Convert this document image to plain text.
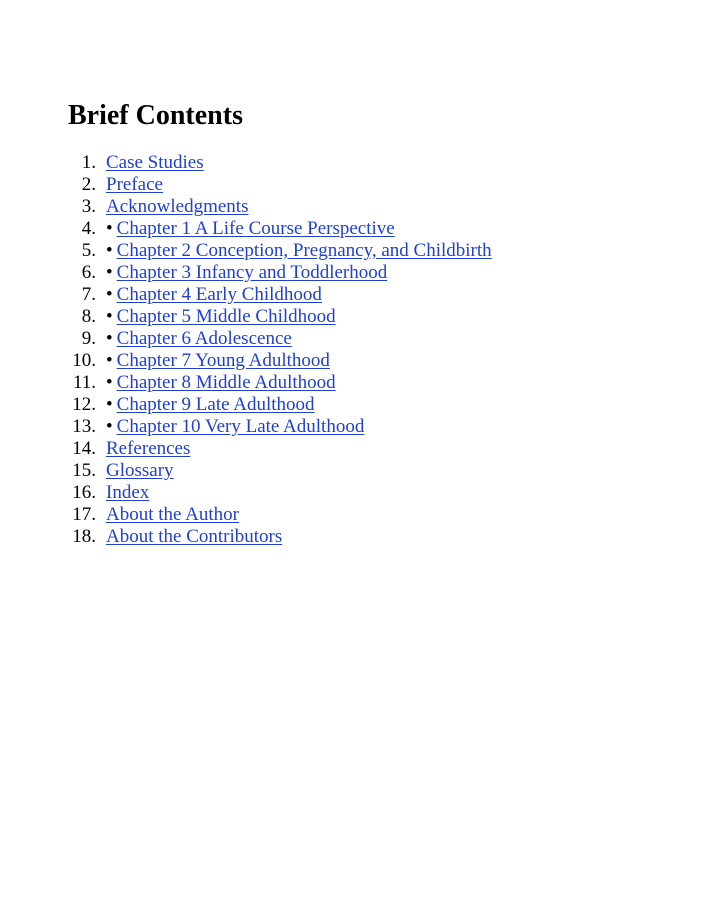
Brief Contents
1. Case Studies
2. Preface
3. Acknowledgments
4. • Chapter 1 A Life Course Perspective
5. • Chapter 2 Conception, Pregnancy, and Childbirth
6. • Chapter 3 Infancy and Toddlerhood
7. • Chapter 4 Early Childhood
8. • Chapter 5 Middle Childhood
9. • Chapter 6 Adolescence
10. • Chapter 7 Young Adulthood
11. • Chapter 8 Middle Adulthood
12. • Chapter 9 Late Adulthood
13. • Chapter 10 Very Late Adulthood
14. References
15. Glossary
16. Index
17. About the Author
18. About the Contributors
